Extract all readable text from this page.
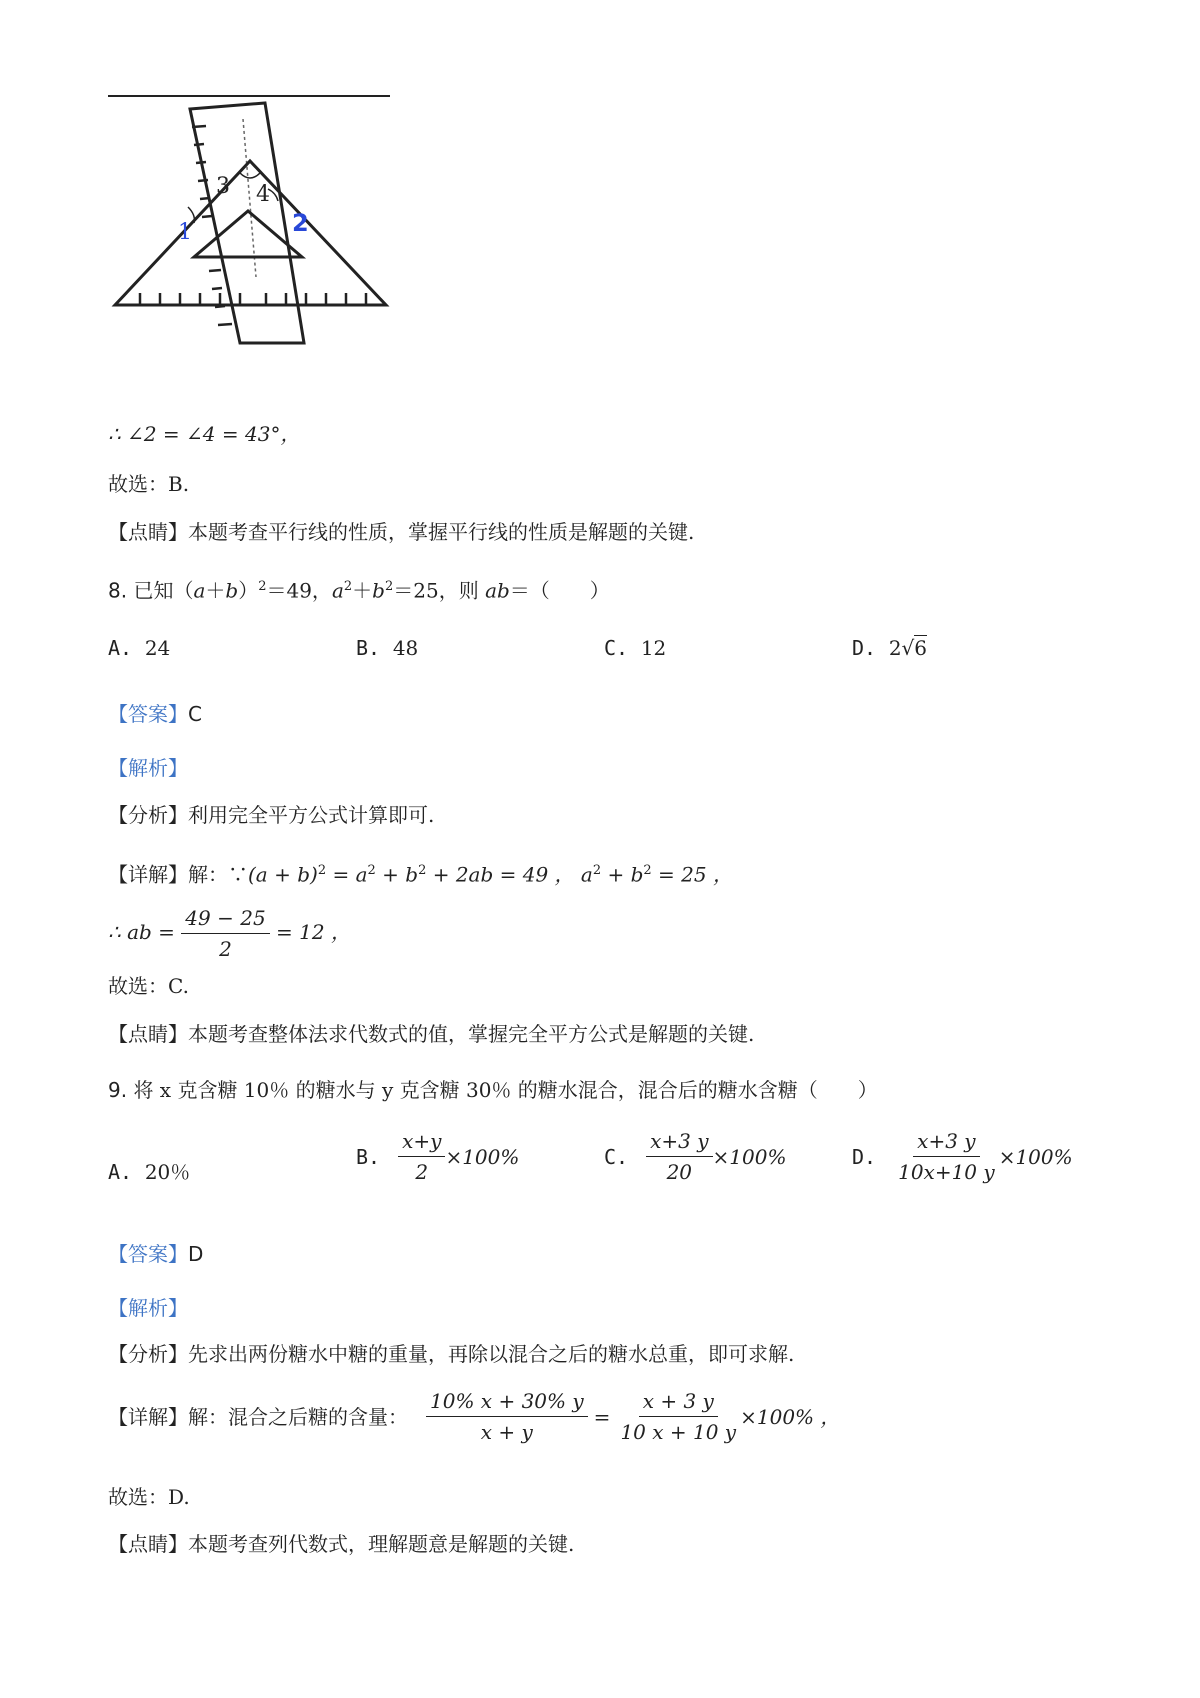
3 4
1	2
∴ ∠2 = ∠4 = 43°，
故选：B.
【点睛】本题考查平行线的性质，掌握平行线的性质是解题的关键.
8. 已知$(a+b)^2=49$，$a^2+b^2=25$，则 ab＝（　　）
A. 24	B. 48	C. 12	D. 2√6
【答案】C
【解析】
【分析】利用完全平方公式计算即可.
【详解】解：∵(a + $b)^2 = a^2 + b^2 + 2ab = 49$ ， $a^2 + b^2 = 25$ ，
∴ ab = $\frac{49 - 25}{2} = 12$ ，
故选：C.
【点睛】本题考查整体法求代数式的值，掌握完全平方公式是解题的关键.
9. 将 x 克含糖 10％ 的糖水与 y 克含糖 30％ 的糖水混合，混合后的糖水含糖（　　）
A. 20％
B. $\frac{x+y}{2} \times 100\%$	C. $\frac{x+3 y}{20} \times 100\%$	D. $\frac{x+3 y}{10x+10 y} \times 100\%$
【答案】D
【解析】
【分析】先求出两份糖水中糖的重量，再除以混合之后的糖水总重，即可求解.
【详解】 解：混合之后糖的含量： $\frac{10\% x + 30\% y}{x + y} = \frac{x + 3 y}{10 x + 10 y} \times 100\%$ ，
故选：D.
【点睛】本题考查列代数式，理解题意是解题的关键.
